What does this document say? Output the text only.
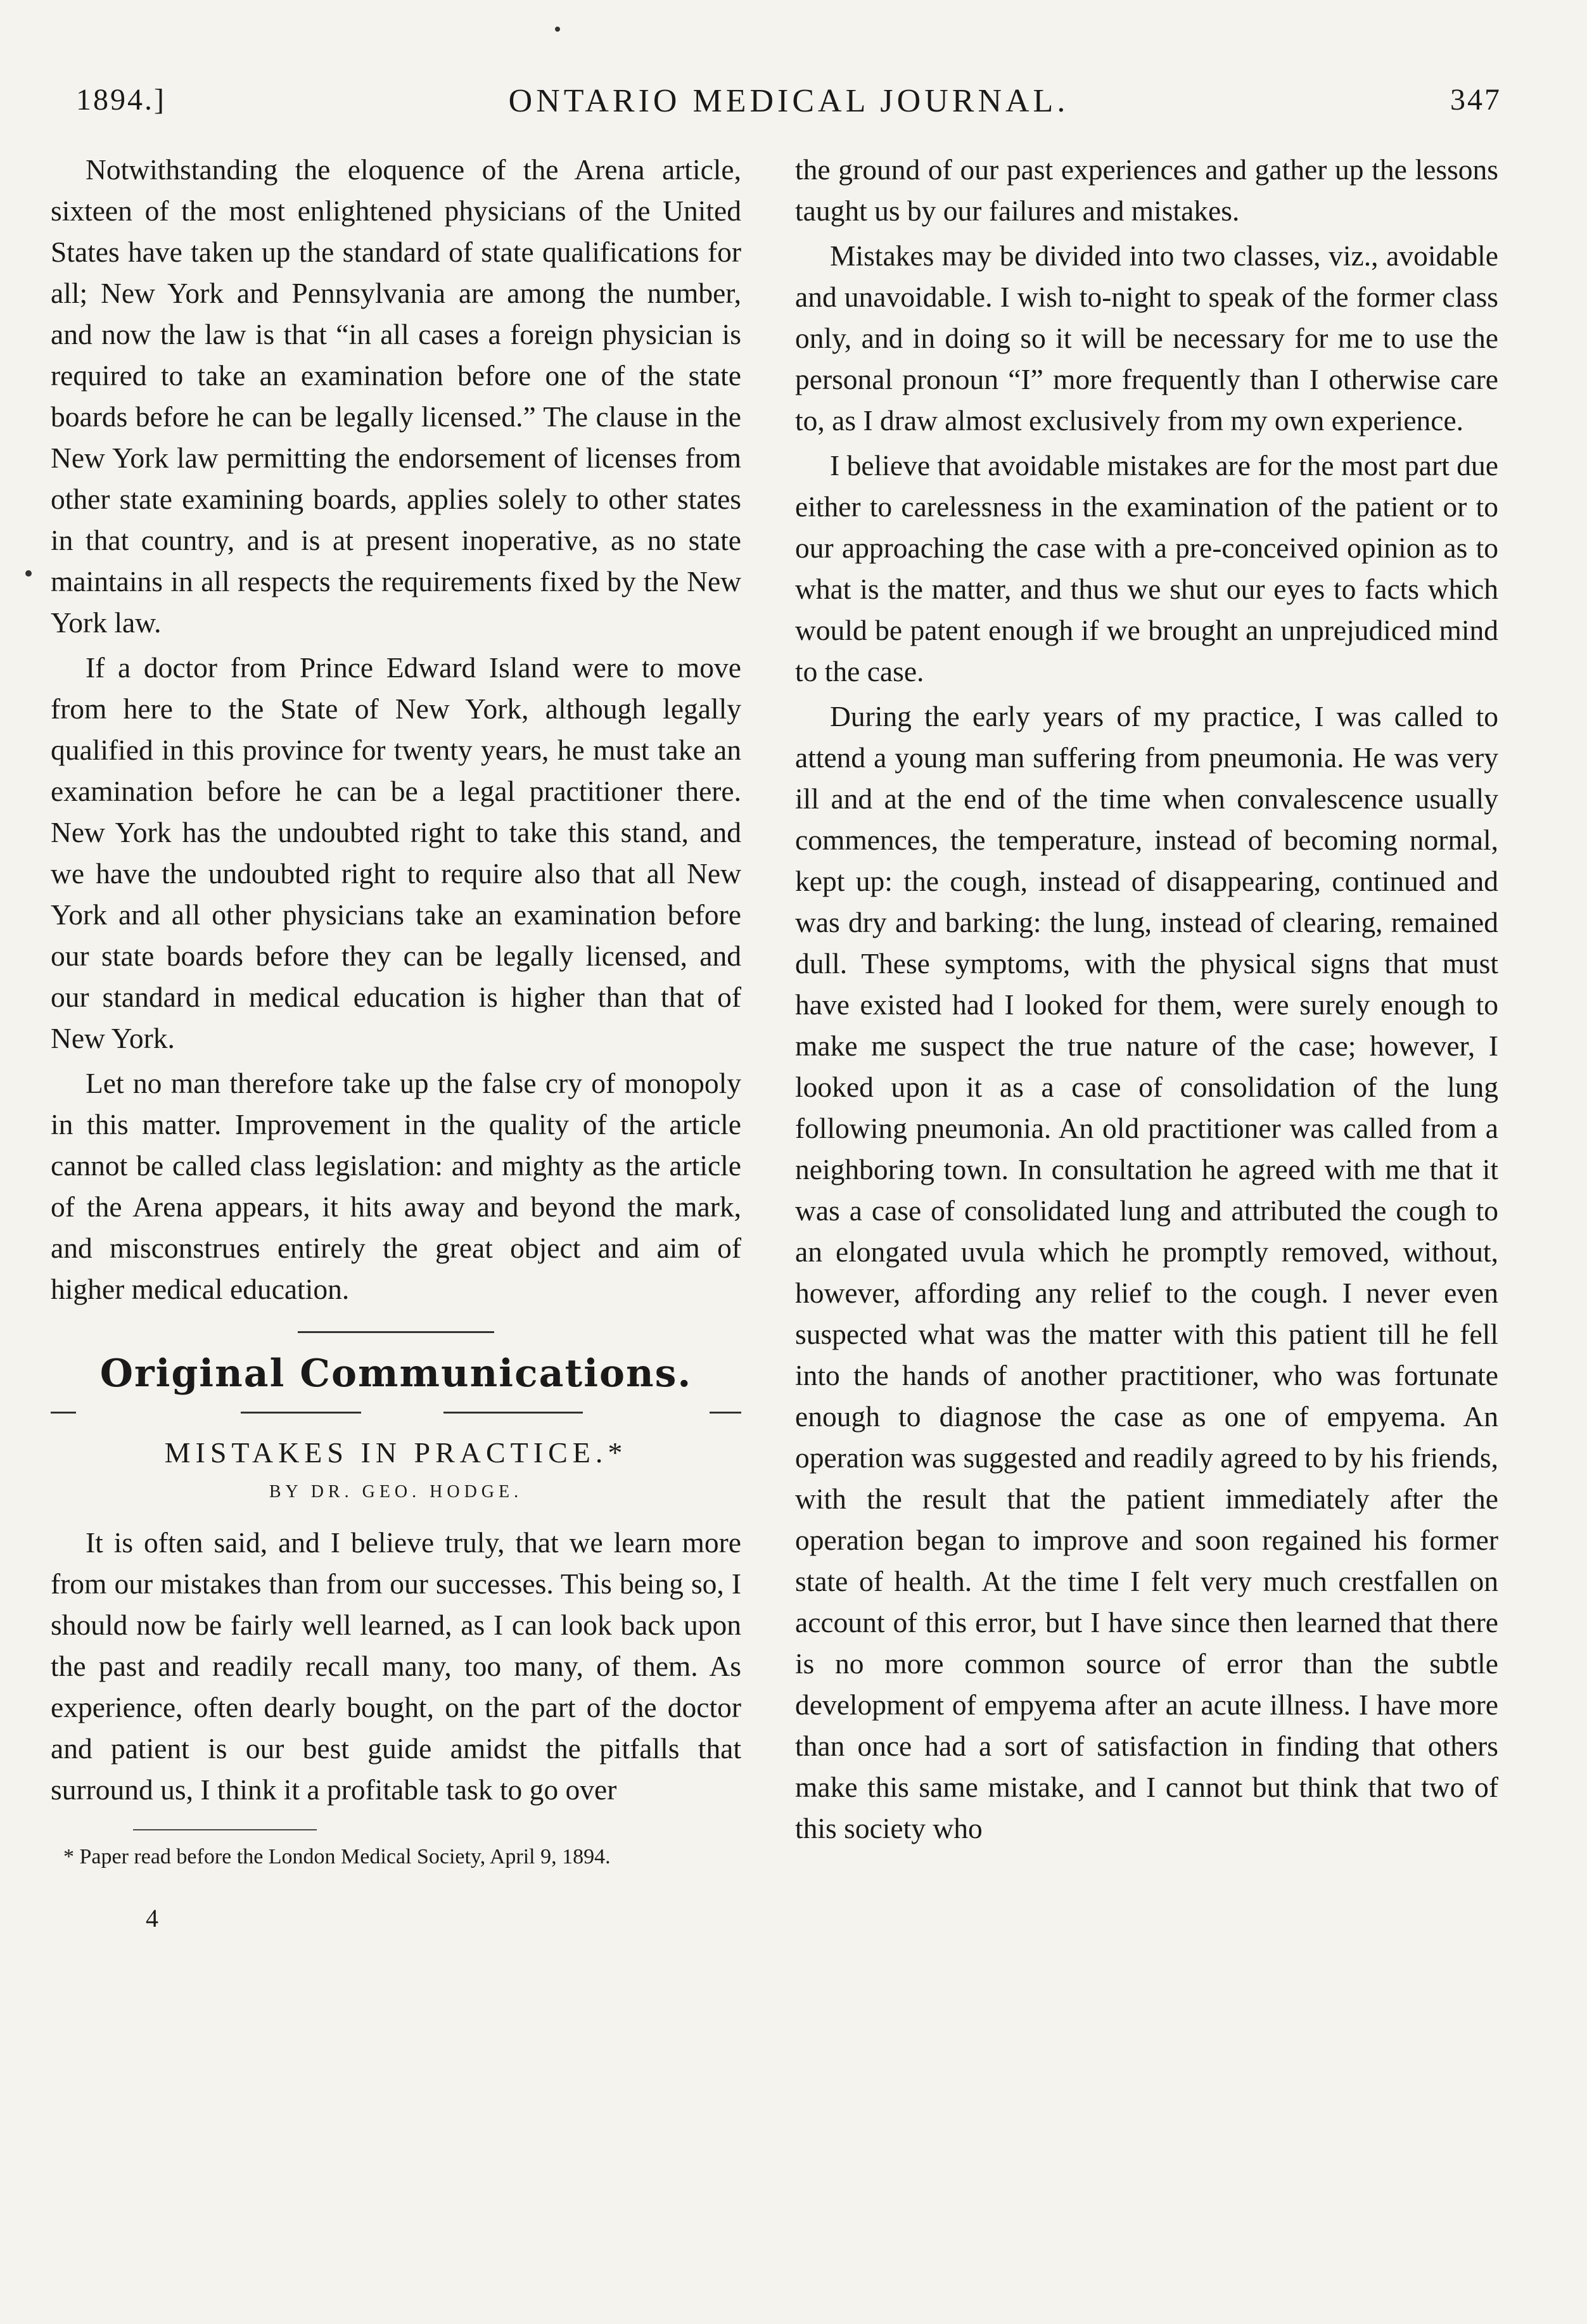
1894.]	ONTARIO MEDICAL JOURNAL.	347

Notwithstanding the eloquence of the Arena article, sixteen of the most enlightened physicians of the United States have taken up the standard of state qualifications for all; New York and Pennsylvania are among the number, and now the law is that “in all cases a foreign physician is required to take an examination before one of the state boards before he can be legally licensed.” The clause in the New York law permitting the endorsement of licenses from other state examining boards, applies solely to other states in that country, and is at present inoperative, as no state maintains in all respects the requirements fixed by the New York law.

If a doctor from Prince Edward Island were to move from here to the State of New York, although legally qualified in this province for twenty years, he must take an examination before he can be a legal practitioner there. New York has the undoubted right to take this stand, and we have the undoubted right to require also that all New York and all other physicians take an examination before our state boards before they can be legally licensed, and our standard in medical education is higher than that of New York.

Let no man therefore take up the false cry of monopoly in this matter. Improvement in the quality of the article cannot be called class legislation: and mighty as the article of the Arena appears, it hits away and beyond the mark, and misconstrues entirely the great object and aim of higher medical education.

Original Communications.
MISTAKES IN PRACTICE.*
BY DR. GEO. HODGE.

It is often said, and I believe truly, that we learn more from our mistakes than from our successes. This being so, I should now be fairly well learned, as I can look back upon the past and readily recall many, too many, of them. As experience, often dearly bought, on the part of the doctor and patient is our best guide amidst the pitfalls that surround us, I think it a profitable task to go over

* Paper read before the London Medical Society, April 9, 1894.
4

the ground of our past experiences and gather up the lessons taught us by our failures and mistakes.

Mistakes may be divided into two classes, viz., avoidable and unavoidable. I wish to-night to speak of the former class only, and in doing so it will be necessary for me to use the personal pronoun “I” more frequently than I otherwise care to, as I draw almost exclusively from my own experience.

I believe that avoidable mistakes are for the most part due either to carelessness in the examination of the patient or to our approaching the case with a pre-conceived opinion as to what is the matter, and thus we shut our eyes to facts which would be patent enough if we brought an unprejudiced mind to the case.

During the early years of my practice, I was called to attend a young man suffering from pneumonia. He was very ill and at the end of the time when convalescence usually commences, the temperature, instead of becoming normal, kept up: the cough, instead of disappearing, continued and was dry and barking: the lung, instead of clearing, remained dull. These symptoms, with the physical signs that must have existed had I looked for them, were surely enough to make me suspect the true nature of the case; however, I looked upon it as a case of consolidation of the lung following pneumonia. An old practitioner was called from a neighboring town. In consultation he agreed with me that it was a case of consolidated lung and attributed the cough to an elongated uvula which he promptly removed, without, however, affording any relief to the cough. I never even suspected what was the matter with this patient till he fell into the hands of another practitioner, who was fortunate enough to diagnose the case as one of empyema. An operation was suggested and readily agreed to by his friends, with the result that the patient immediately after the operation began to improve and soon regained his former state of health. At the time I felt very much crestfallen on account of this error, but I have since then learned that there is no more common source of error than the subtle development of empyema after an acute illness. I have more than once had a sort of satisfaction in finding that others make this same mistake, and I cannot but think that two of this society who
